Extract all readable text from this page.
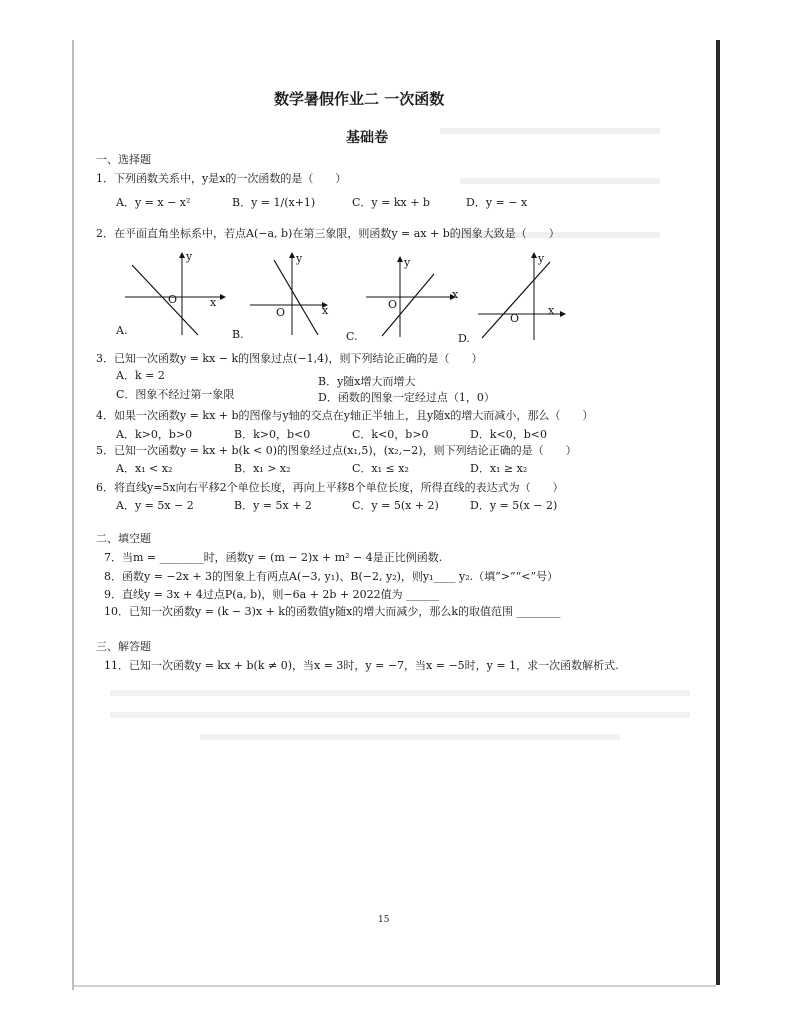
数学暑假作业二 一次函数
基础卷
一、选择题
1．下列函数关系中，y是x的一次函数的是（　　）
A．y = x − x²	B．y = 1/(x+1)	C．y = kx + b	D．y = − x
2．在平面直角坐标系中，若点A(−a, b)在第三象限，则函数y = ax + b的图象大致是（　　）
y
x
O
A.
y
x
O
B.
y
x
O
C.
y
x
O
D.
3．已知一次函数y = kx − k的图象过点(−1,4)，则下列结论正确的是（　　）
A．k = 2	B．y随x增大而增大
C．图象不经过第一象限	D．函数的图象一定经过点（1，0）
4．如果一次函数y = kx + b的图像与y轴的交点在y轴正半轴上，且y随x的增大而减小，那么（　　）
A．k>0，b>0	B．k>0，b<0	C．k<0，b>0	D．k<0，b<0
5．已知一次函数y = kx + b(k < 0)的图象经过点(x₁,5)，(x₂,−2)，则下列结论正确的是（　　）
A．x₁ < x₂	B．x₁ > x₂	C．x₁ ≤ x₂	D．x₁ ≥ x₂
6．将直线y=5x向右平移2个单位长度，再向上平移8个单位长度，所得直线的表达式为（　　）
A．y = 5x − 2	B．y = 5x + 2	C．y = 5(x + 2)	D．y = 5(x − 2)
二、填空题
7．当m = ________时，函数y = (m − 2)x + m² − 4是正比例函数.
8．函数y = −2x + 3的图象上有两点A(−3, y₁)、B(−2, y₂)，则y₁____ y₂.（填“>”“<”号）
9．直线y = 3x + 4过点P(a, b)，则−6a + 2b + 2022值为 ______
10．已知一次函数y = (k − 3)x + k的函数值y随x的增大而减少，那么k的取值范围 ________
三、解答题
11．已知一次函数y = kx + b(k ≠ 0)，当x = 3时，y = −7，当x = −5时，y = 1，求一次函数解析式.
15
